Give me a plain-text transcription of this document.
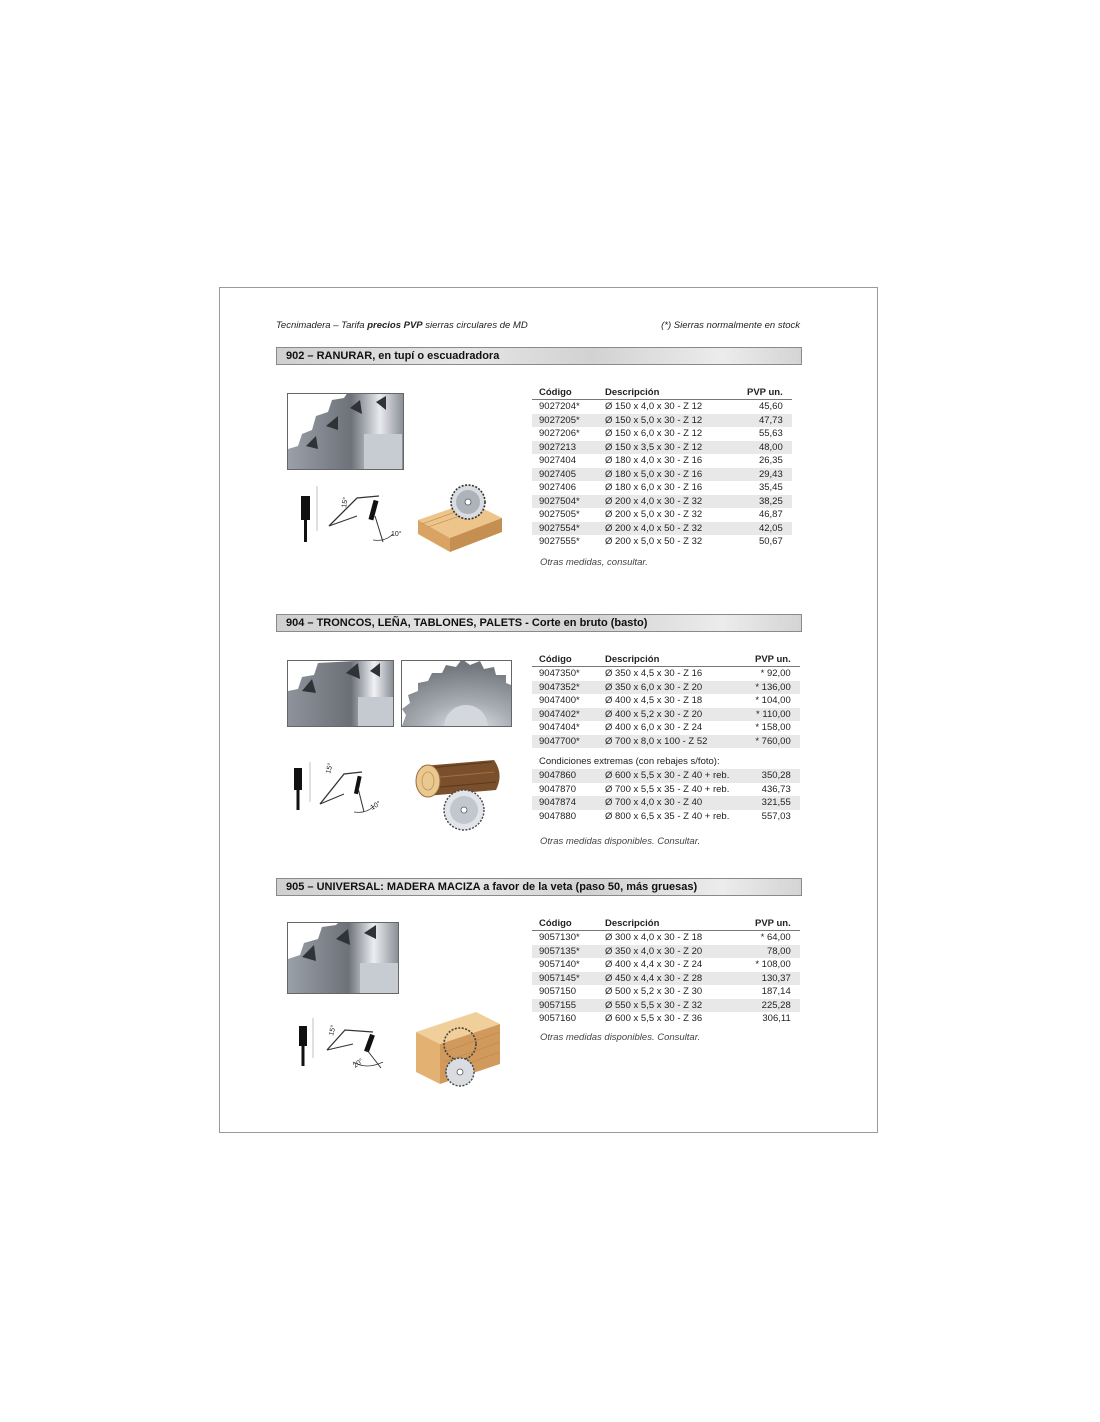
Tecnimadera – Tarifa precios PVP sierras circulares de MD	(*) Sierras normalmente en stock
902 – RANURAR, en tupí o escuadradora
15°
10°
Código	Descripción	PVP un.
9027204*	Ø 150 x 4,0 x 30 - Z 12	45,60
9027205*	Ø 150 x 5,0 x 30 - Z 12	47,73
9027206*	Ø 150 x 6,0 x 30 - Z 12	55,63
9027213	Ø 150 x 3,5 x 30 - Z 12	48,00
9027404	Ø 180 x 4,0 x 30 - Z 16	26,35
9027405	Ø 180 x 5,0 x 30 - Z 16	29,43
9027406	Ø 180 x 6,0 x 30 - Z 16	35,45
9027504*	Ø 200 x 4,0 x 30 - Z 32	38,25
9027505*	Ø 200 x 5,0 x 30 - Z 32	46,87
9027554*	Ø 200 x 4,0 x 50 - Z 32	42,05
9027555*	Ø 200 x 5,0 x 50 - Z 32	50,67
Otras medidas, consultar.
904 – TRONCOS, LEÑA, TABLONES, PALETS - Corte en bruto (basto)
15°
10°
Código	Descripción	PVP un.
9047350*	Ø 350 x 4,5 x 30 - Z 16	* 92,00
9047352*	Ø 350 x 6,0 x 30 - Z 20	* 136,00
9047400*	Ø 400 x 4,5 x 30 - Z 18	* 104,00
9047402*	Ø 400 x 5,2 x 30 - Z 20	* 110,00
9047404*	Ø 400 x 6,0 x 30 - Z 24	* 158,00
9047700*	Ø 700 x 8,0 x 100 - Z 52	* 760,00
Condiciones extremas (con rebajes s/foto):		
9047860	Ø 600 x 5,5 x 30 - Z 40 + reb.	350,28
9047870	Ø 700 x 5,5 x 35 - Z 40 + reb.	436,73
9047874	Ø 700 x 4,0 x 30 - Z 40	321,55
9047880	Ø 800 x 6,5 x 35 - Z 40 + reb.	557,03
Otras medidas disponibles. Consultar.
905 – UNIVERSAL: MADERA MACIZA a favor de la veta (paso 50, más gruesas)
15°
20°
Código	Descripción	PVP un.
9057130*	Ø 300 x 4,0 x 30 - Z 18	* 64,00
9057135*	Ø 350 x 4,0 x 30 - Z 20	78,00
9057140*	Ø 400 x 4,4 x 30 - Z 24	* 108,00
9057145*	Ø 450 x 4,4 x 30 - Z 28	130,37
9057150	Ø 500 x 5,2 x 30 - Z 30	187,14
9057155	Ø 550 x 5,5 x 30 - Z 32	225,28
9057160	Ø 600 x 5,5 x 30 - Z 36	306,11
Otras medidas disponibles. Consultar.
